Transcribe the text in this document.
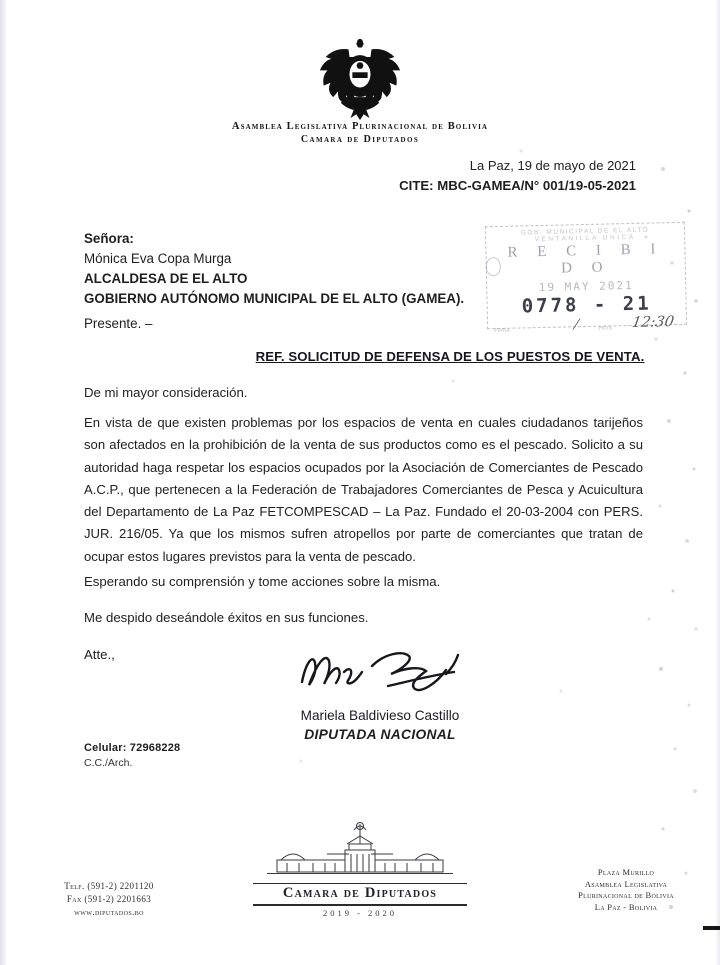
Asamblea Legislativa Plurinacional de Bolivia
Camara de Diputados
La Paz, 19 de mayo de 2021
CITE: MBC-GAMEA/N° 001/19-05-2021
Señora:
Mónica Eva Copa Murga
ALCALDESA DE EL ALTO
GOBIERNO AUTÓNOMO MUNICIPAL DE EL ALTO (GAMEA).
Presente. –
GOB. MUNICIPAL DE EL ALTO
VENTANILLA UNICA
R E C I B I D O
19 MAY 2021
0778 - 21
Firma	/	Hora 12:30
REF. SOLICITUD DE DEFENSA DE LOS PUESTOS DE VENTA.
De mi mayor consideración.
En vista de que existen problemas por los espacios de venta en cuales ciudadanos tarijeños son afectados en la prohibición de la venta de sus productos como es el pescado. Solicito a su autoridad haga respetar los espacios ocupados por la Asociación de Comerciantes de Pescado A.C.P., que pertenecen a la Federación de Trabajadores Comerciantes de Pesca y Acuicultura del Departamento de La Paz FETCOMPESCAD – La Paz. Fundado el 20-03-2004 con PERS. JUR. 216/05. Ya que los mismos sufren atropellos por parte de comerciantes que tratan de ocupar estos lugares previstos para la venta de pescado.
Esperando su comprensión y tome acciones sobre la misma.
Me despido deseándole éxitos en sus funciones.
Atte.,
Mariela Baldivieso Castillo
DIPUTADA NACIONAL
Celular: 72968228
C.C./Arch.
Telf. (591-2) 2201120
Fax (591-2) 2201663
www.diputados.bo
Camara de Diputados
2019 - 2020
Plaza Murillo
Asamblea Legislativa
Plurinacional de Bolivia
La Paz - Bolivia
